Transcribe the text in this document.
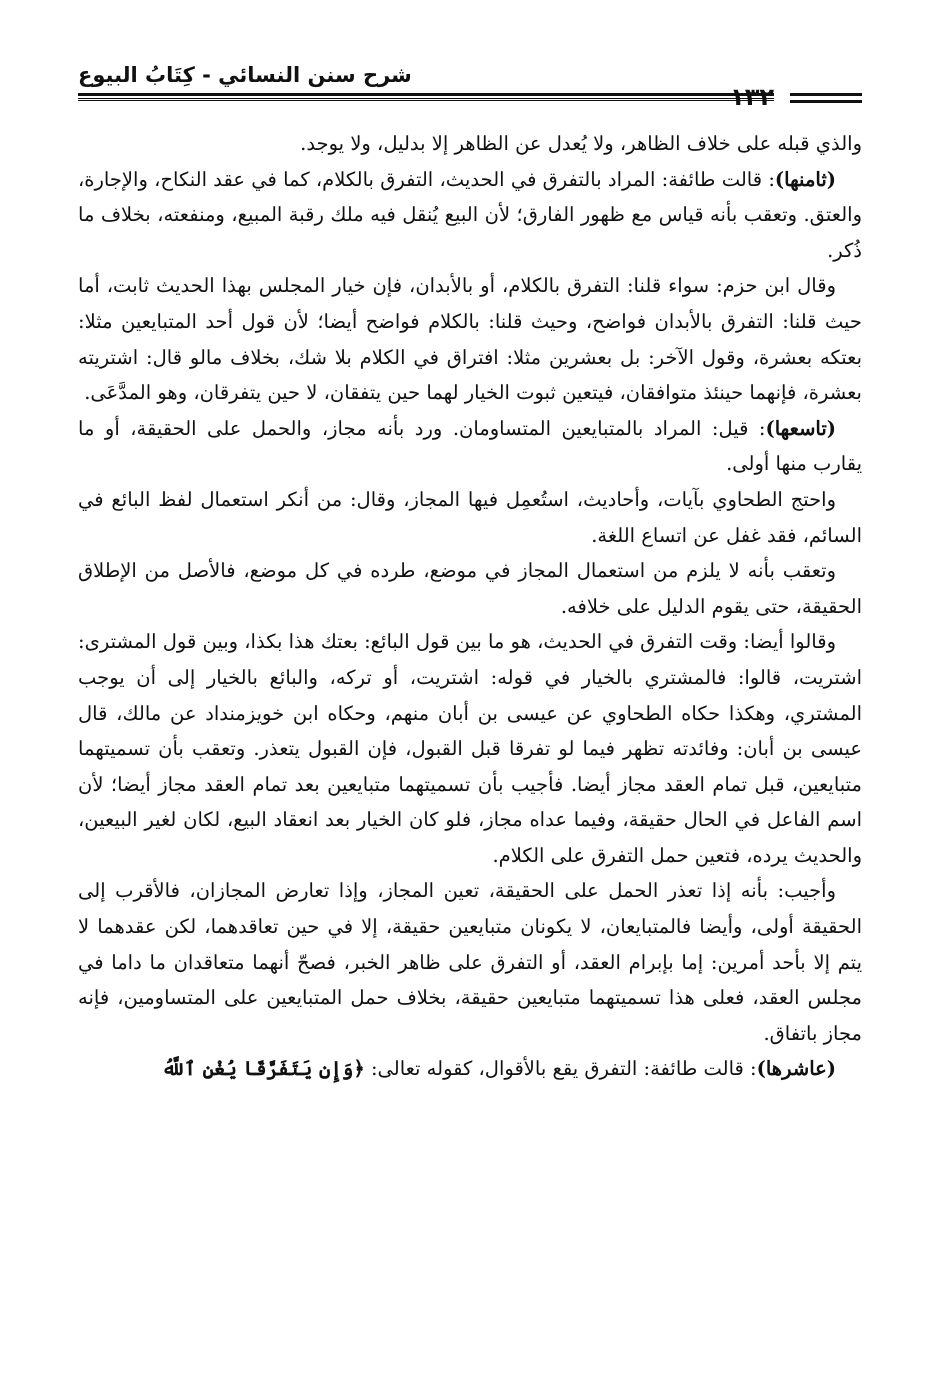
شرح سنن النسائي - كِتَابُ البيوع
١٣٢

والذي قبله على خلاف الظاهر، ولا يُعدل عن الظاهر إلا بدليل، ولا يوجد.

(ثامنها): قالت طائفة: المراد بالتفرق في الحديث، التفرق بالكلام، كما في عقد النكاح، والإجارة، والعتق. وتعقب بأنه قياس مع ظهور الفارق؛ لأن البيع يُنقل فيه ملك رقبة المبيع، ومنفعته، بخلاف ما ذُكر.

وقال ابن حزم: سواء قلنا: التفرق بالكلام، أو بالأبدان، فإن خيار المجلس بهذا الحديث ثابت، أما حيث قلنا: التفرق بالأبدان فواضح، وحيث قلنا: بالكلام فواضح أيضا؛ لأن قول أحد المتبايعين مثلا: بعتكه بعشرة، وقول الآخر: بل بعشرين مثلا: افتراق في الكلام بلا شك، بخلاف مالو قال: اشتريته بعشرة، فإنهما حينئذ متوافقان، فيتعين ثبوت الخيار لهما حين يتفقان، لا حين يتفرقان، وهو المدَّعَى.

(تاسعها): قيل: المراد بالمتبايعين المتساومان. ورد بأنه مجاز، والحمل على الحقيقة، أو ما يقارب منها أولى.

واحتج الطحاوي بآيات، وأحاديث، استُعمِل فيها المجاز، وقال: من أنكر استعمال لفظ البائع في السائم، فقد غفل عن اتساع اللغة.

وتعقب بأنه لا يلزم من استعمال المجاز في موضع، طرده في كل موضع، فالأصل من الإطلاق الحقيقة، حتى يقوم الدليل على خلافه.

وقالوا أيضا: وقت التفرق في الحديث، هو ما بين قول البائع: بعتك هذا بكذا، وبين قول المشترى: اشتريت، قالوا: فالمشتري بالخيار في قوله: اشتريت، أو تركه، والبائع بالخيار إلى أن يوجب المشتري، وهكذا حكاه الطحاوي عن عيسى بن أبان منهم، وحكاه ابن خويزمنداد عن مالك، قال عيسى بن أبان: وفائدته تظهر فيما لو تفرقا قبل القبول، فإن القبول يتعذر. وتعقب بأن تسميتهما متبايعين، قبل تمام العقد مجاز أيضا. فأجيب بأن تسميتهما متبايعين بعد تمام العقد مجاز أيضا؛ لأن اسم الفاعل في الحال حقيقة، وفيما عداه مجاز، فلو كان الخيار بعد انعقاد البيع، لكان لغير البيعين، والحديث يرده، فتعين حمل التفرق على الكلام.

وأجيب: بأنه إذا تعذر الحمل على الحقيقة، تعين المجاز، وإذا تعارض المجازان، فالأقرب إلى الحقيقة أولى، وأيضا فالمتبايعان، لا يكونان متبايعين حقيقة، إلا في حين تعاقدهما، لكن عقدهما لا يتم إلا بأحد أمرين: إما بإبرام العقد، أو التفرق على ظاهر الخبر، فصحّ أنهما متعاقدان ما داما في مجلس العقد، فعلى هذا تسميتهما متبايعين حقيقة، بخلاف حمل المتبايعين على المتساومين، فإنه مجاز باتفاق.

(عاشرها): قالت طائفة: التفرق يقع بالأقوال، كقوله تعالى: ﴿وَإِن يَتَفَرَّقَا يُغْنِ ٱللَّهُ
